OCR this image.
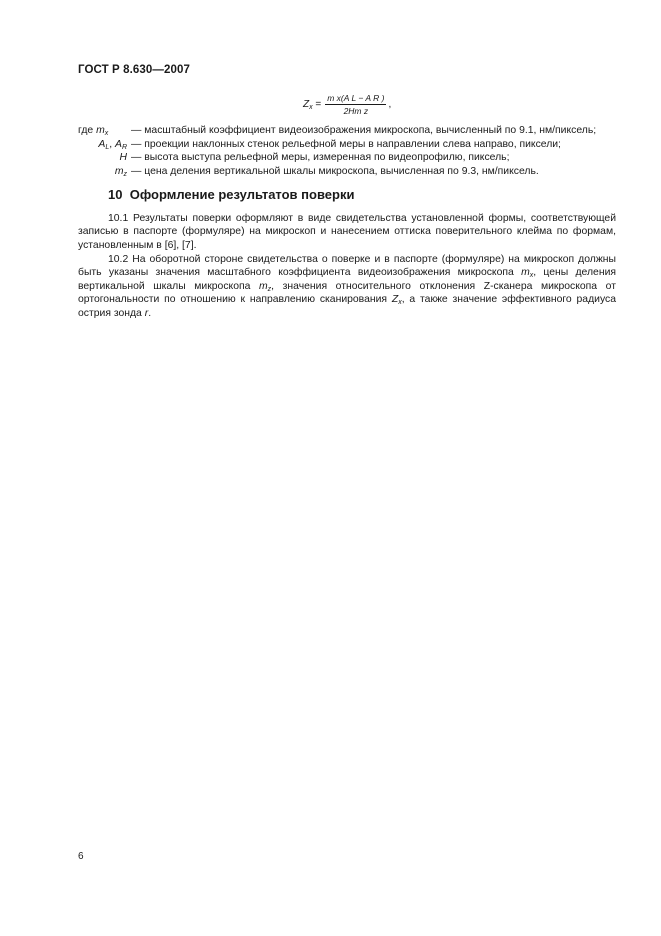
ГОСТ Р 8.630—2007
$Z_x = \frac{\text{m x(A L − A R )}}{\text{2Hm z}}$ ,
где $m_x$	— масштабный коэффициент видеоизображения микроскопа, вычисленный по 9.1, нм/пиксель;
$A_L$, $A_R$ — проекции наклонных стенок рельефной меры в направлении слева направо, пиксели;
H — высота выступа рельефной меры, измеренная по видеопрофилю, пиксель;
$m_z$ — цена деления вертикальной шкалы микроскопа, вычисленная по 9.3, нм/пиксель.
10 Оформление результатов поверки
10.1 Результаты поверки оформляют в виде свидетельства установленной формы, соответствующей записью в паспорте (формуляре) на микроскоп и нанесением оттиска поверительного клейма по формам, установленным в [6], [7].
10.2 На оборотной стороне свидетельства о поверке и в паспорте (формуляре) на микроскоп должны быть указаны значения масштабного коэффициента видеоизображения микроскопа $m_x$, цены деления вертикальной шкалы микроскопа $m_z$, значения относительного отклонения Z-сканера микроскопа от ортогональности по отношению к направлению сканирования $Z_x$, а также значение эффективного радиуса острия зонда r.
6
